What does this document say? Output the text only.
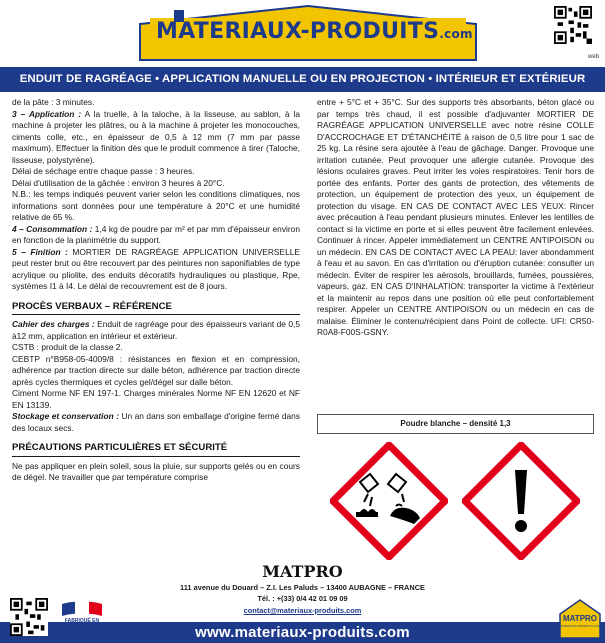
MATERIAUX-PRODUITS.com
web
ENDUIT DE RAGRÉAGE • APPLICATION MANUELLE OU EN PROJECTION • INTÉRIEUR ET EXTÉRIEUR

de la pâte : 3 minutes.

3 – Application : A la truelle, à la taloche, à la lisseuse, au sablon, à la machine à projeter les plâtres, ou à la machine à projeter les monocouches, ciments colle, etc., en épaisseur de 0,5 à 12 mm (7 mm par passe maximum). Effectuer la finition dès que le produit commence à tirer (Taloche, lisseuse, polystyrène).

Délai de séchage entre chaque passe : 3 heures.

Délai d'utilisation de la gâchée : environ 3 heures à 20°C.

N.B.: les temps indiqués peuvent varier selon les conditions climatiques, nos informations sont données pour une température à 20°C et une humidité relative de 65 %.

4 – Consommation : 1,4 kg de poudre par m² et par mm d'épaisseur environ en fonction de la planimétrie du support.

5 – Finition : MORTIER DE RAGRÉAGE APPLICATION UNIVERSELLE peut rester brut ou être recouvert par des peintures non saponifiables de type acrylique ou pliolite, des enduits décoratifs hydrauliques ou plastique, Rpe, systèmes I1 à I4. Le délai de recouvrement est de 8 jours.

PROCÈS VERBAUX – RÉFÉRENCE

Cahier des charges : Enduit de ragréage pour des épaisseurs variant de 0,5 à12 mm, application en intérieur et extérieur.

CSTB : produit de la classe 2.

CEBTP n°B958-05-4009/8 : résistances en flexion et en compression, adhérence par traction directe sur dalle béton, adhérence par traction directe après cycles thermiques et cycles gel/dégel sur dalle béton.

Ciment Norme NF EN 197-1. Charges minérales Norme NF EN 12620 et NF EN 13139.

Stockage et conservation : Un an dans son emballage d'origine fermé dans des locaux secs.

PRÉCAUTIONS PARTICULIÈRES ET SÉCURITÉ

Ne pas appliquer en plein soleil, sous la pluie, sur supports gelés ou en cours de dégel. Ne travailler que par température comprise

entre + 5°C et + 35°C. Sur des supports très absorbants, béton glacé ou par temps très chaud, il est possible d'adjuvanter MORTIER DE RAGRÉAGE APPLICATION UNIVERSELLE avec notre résine COLLE D'ACCROCHAGE ET D'ÉTANCHÉITÉ à raison de 0,5 litre pour 1 sac de 25 kg. La résine sera ajoutée à l'eau de gâchage. Danger. Provoque une irritation cutanée. Peut provoquer une allergie cutanée. Provoque des lésions oculaires graves. Peut irriter les voies respiratoires. Tenir hors de portée des enfants. Porter des gants de protection, des vêtements de protection, un équipement de protection des yeux, un équipement de protection du visage. EN CAS DE CONTACT AVEC LES YEUX: Rincer avec précaution à l'eau pendant plusieurs minutes. Enlever les lentilles de contact si la victime en porte et si elles peuvent être facilement enlevées. Continuer à rincer. Appeler immédiatement un CENTRE ANTIPOISON ou un médecin. EN CAS DE CONTACT AVEC LA PEAU: laver abondamment à l'eau et au savon. En cas d'irritation ou d'éruption cutanée: consulter un médecin. Éviter de respirer les aérosols, brouillards, fumées, poussières, vapeurs, gaz. EN CAS D'INHALATION: transporter la victime à l'extérieur et la maintenir au repos dans une position où elle peut confortablement respirer. Appeler un CENTRE ANTIPOISON ou un médecin en cas de malaise. Éliminer le contenu/récipient dans Point de collecte. UFI: CR50-R0A8-F00S-GSNY.

Poudre blanche – densité 1,3
MATPRO
111 avenue du Douard – Z.I. Les Paluds – 13400 AUBAGNE – FRANCE
Tél. : +(33) 0/4 42 01 09 09
contact@materiaux-produits.com
www.materiaux-produits.com
FABRIQUÉ EN
FRANCE
MATPRO
MATERIAUX-PRODUITS.COM
